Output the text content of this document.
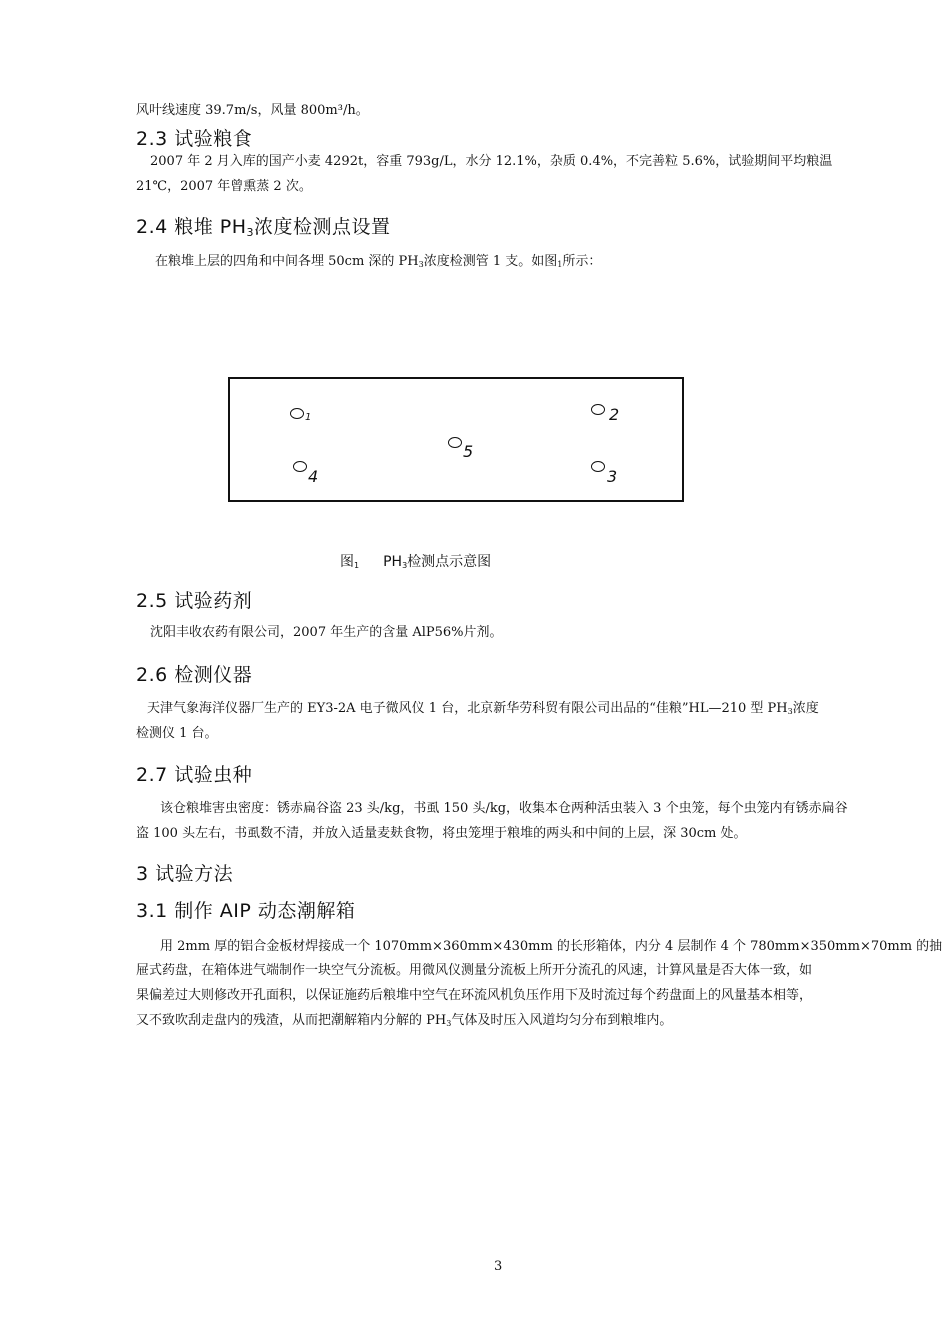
风叶线速度 39.7m/s，风量 800m³/h。
2.3 试验粮食
2007 年 2 月入库的国产小麦 4292t，容重 793g/L，水分 12.1%，杂质 0.4%，不完善粒 5.6%，试验期间平均粮温
21℃，2007 年曾熏蒸 2 次。
2.4 粮堆 $PH_3$浓度检测点设置
在粮堆上层的四角和中间各埋 50cm 深的 $PH_3$浓度检测管 1 支。如图$_1$所示：
1	2
3
4
5
图$_1$ $PH_3$检测点示意图
2.5 试验药剂
沈阳丰收农药有限公司，2007 年生产的含量 AlP56%片剂。
2.6 检测仪器
天津气象海洋仪器厂生产的 EY3-2A 电子微风仪 1 台，北京新华劳科贸有限公司出品的“佳粮”HL—210 型 $PH_3$浓度
检测仪 1 台。
2.7 试验虫种
该仓粮堆害虫密度：锈赤扁谷盗 23 头/kg，书虱 150 头/kg，收集本仓两种活虫装入 3 个虫笼，每个虫笼内有锈赤扁谷
盗 100 头左右，书虱数不清，并放入适量麦麸食物，将虫笼埋于粮堆的两头和中间的上层，深 30cm 处。
3 试验方法
3.1 制作 AIP 动态潮解箱
用 2mm 厚的铝合金板材焊接成一个 1070mm×360mm×430mm 的长形箱体，内分 4 层制作 4 个 780mm×350mm×70mm 的抽
屉式药盘，在箱体进气端制作一块空气分流板。用微风仪测量分流板上所开分流孔的风速，计算风量是否大体一致，如
果偏差过大则修改开孔面积，以保证施药后粮堆中空气在环流风机负压作用下及时流过每个药盘面上的风量基本相等，
又不致吹刮走盘内的残渣，从而把潮解箱内分解的 $PH_3$气体及时压入风道均匀分布到粮堆内。
3
